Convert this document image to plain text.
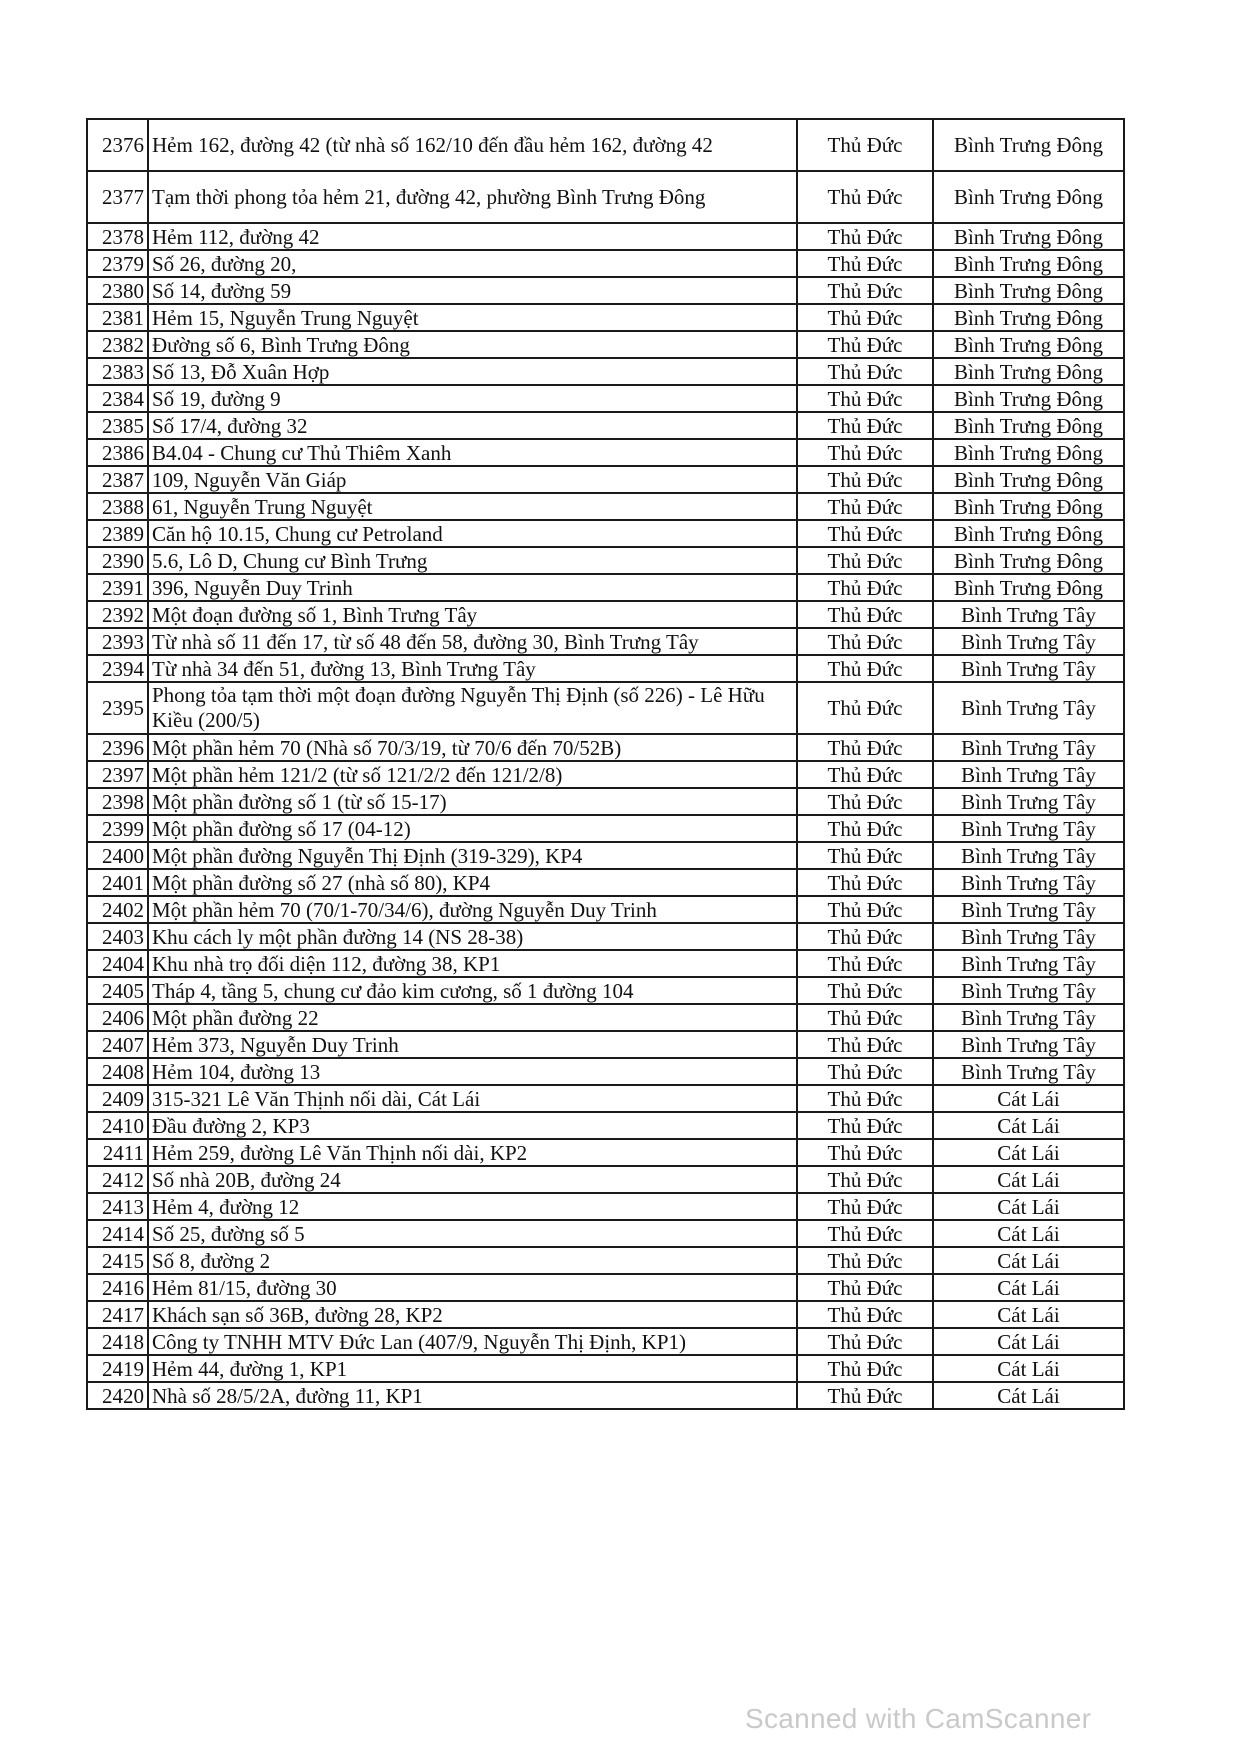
2376	Hẻm 162, đường 42 (từ nhà số 162/10 đến đầu hẻm 162, đường 42	Thủ Đức	Bình Trưng Đông
2377	Tạm thời phong tỏa hẻm 21, đường 42, phường Bình Trưng Đông	Thủ Đức	Bình Trưng Đông
2378	Hẻm 112, đường 42	Thủ Đức	Bình Trưng Đông
2379	Số 26, đường 20,	Thủ Đức	Bình Trưng Đông
2380	Số 14, đường 59	Thủ Đức	Bình Trưng Đông
2381	Hẻm 15, Nguyễn Trung Nguyệt	Thủ Đức	Bình Trưng Đông
2382	Đường số 6, Bình Trưng Đông	Thủ Đức	Bình Trưng Đông
2383	Số 13, Đỗ Xuân Hợp	Thủ Đức	Bình Trưng Đông
2384	Số 19, đường 9	Thủ Đức	Bình Trưng Đông
2385	Số 17/4, đường 32	Thủ Đức	Bình Trưng Đông
2386	B4.04 - Chung cư Thủ Thiêm Xanh	Thủ Đức	Bình Trưng Đông
2387	109, Nguyễn Văn Giáp	Thủ Đức	Bình Trưng Đông
2388	61, Nguyễn Trung Nguyệt	Thủ Đức	Bình Trưng Đông
2389	Căn hộ 10.15, Chung cư Petroland	Thủ Đức	Bình Trưng Đông
2390	5.6, Lô D, Chung cư Bình Trưng	Thủ Đức	Bình Trưng Đông
2391	396, Nguyễn Duy Trinh	Thủ Đức	Bình Trưng Đông
2392	Một đoạn đường số 1, Bình Trưng Tây	Thủ Đức	Bình Trưng Tây
2393	Từ nhà số 11 đến 17, từ số 48 đến 58, đường 30, Bình Trưng Tây	Thủ Đức	Bình Trưng Tây
2394	Từ nhà 34 đến 51, đường 13, Bình Trưng Tây	Thủ Đức	Bình Trưng Tây
2395	Phong tỏa tạm thời một đoạn đường Nguyễn Thị Định (số 226) - Lê Hữu Kiều (200/5)	Thủ Đức	Bình Trưng Tây
2396	Một phần hẻm 70 (Nhà số 70/3/19, từ 70/6 đến 70/52B)	Thủ Đức	Bình Trưng Tây
2397	Một phần hẻm 121/2 (từ số 121/2/2 đến 121/2/8)	Thủ Đức	Bình Trưng Tây
2398	Một phần đường số 1 (từ số 15-17)	Thủ Đức	Bình Trưng Tây
2399	Một phần đường số 17 (04-12)	Thủ Đức	Bình Trưng Tây
2400	Một phần đường Nguyễn Thị Định (319-329), KP4	Thủ Đức	Bình Trưng Tây
2401	Một phần đường số 27 (nhà số 80), KP4	Thủ Đức	Bình Trưng Tây
2402	Một phần hẻm 70 (70/1-70/34/6), đường Nguyễn Duy Trinh	Thủ Đức	Bình Trưng Tây
2403	Khu cách ly một phần đường 14 (NS 28-38)	Thủ Đức	Bình Trưng Tây
2404	Khu nhà trọ đối diện 112, đường 38, KP1	Thủ Đức	Bình Trưng Tây
2405	Tháp 4, tầng 5, chung cư đảo kim cương, số 1 đường 104	Thủ Đức	Bình Trưng Tây
2406	Một phần đường 22	Thủ Đức	Bình Trưng Tây
2407	Hẻm 373, Nguyễn Duy Trinh	Thủ Đức	Bình Trưng Tây
2408	Hẻm 104, đường 13	Thủ Đức	Bình Trưng Tây
2409	315-321 Lê Văn Thịnh nối dài, Cát Lái	Thủ Đức	Cát Lái
2410	Đầu đường 2, KP3	Thủ Đức	Cát Lái
2411	Hẻm 259, đường Lê Văn Thịnh nối dài, KP2	Thủ Đức	Cát Lái
2412	Số nhà 20B, đường 24	Thủ Đức	Cát Lái
2413	Hẻm 4, đường 12	Thủ Đức	Cát Lái
2414	Số 25, đường số 5	Thủ Đức	Cát Lái
2415	Số 8, đường 2	Thủ Đức	Cát Lái
2416	Hẻm 81/15, đường 30	Thủ Đức	Cát Lái
2417	Khách sạn số 36B, đường 28, KP2	Thủ Đức	Cát Lái
2418	Công ty TNHH MTV Đức Lan (407/9, Nguyễn Thị Định, KP1)	Thủ Đức	Cát Lái
2419	Hẻm 44, đường 1, KP1	Thủ Đức	Cát Lái
2420	Nhà số 28/5/2A, đường 11, KP1	Thủ Đức	Cát Lái
Scanned with CamScanner
